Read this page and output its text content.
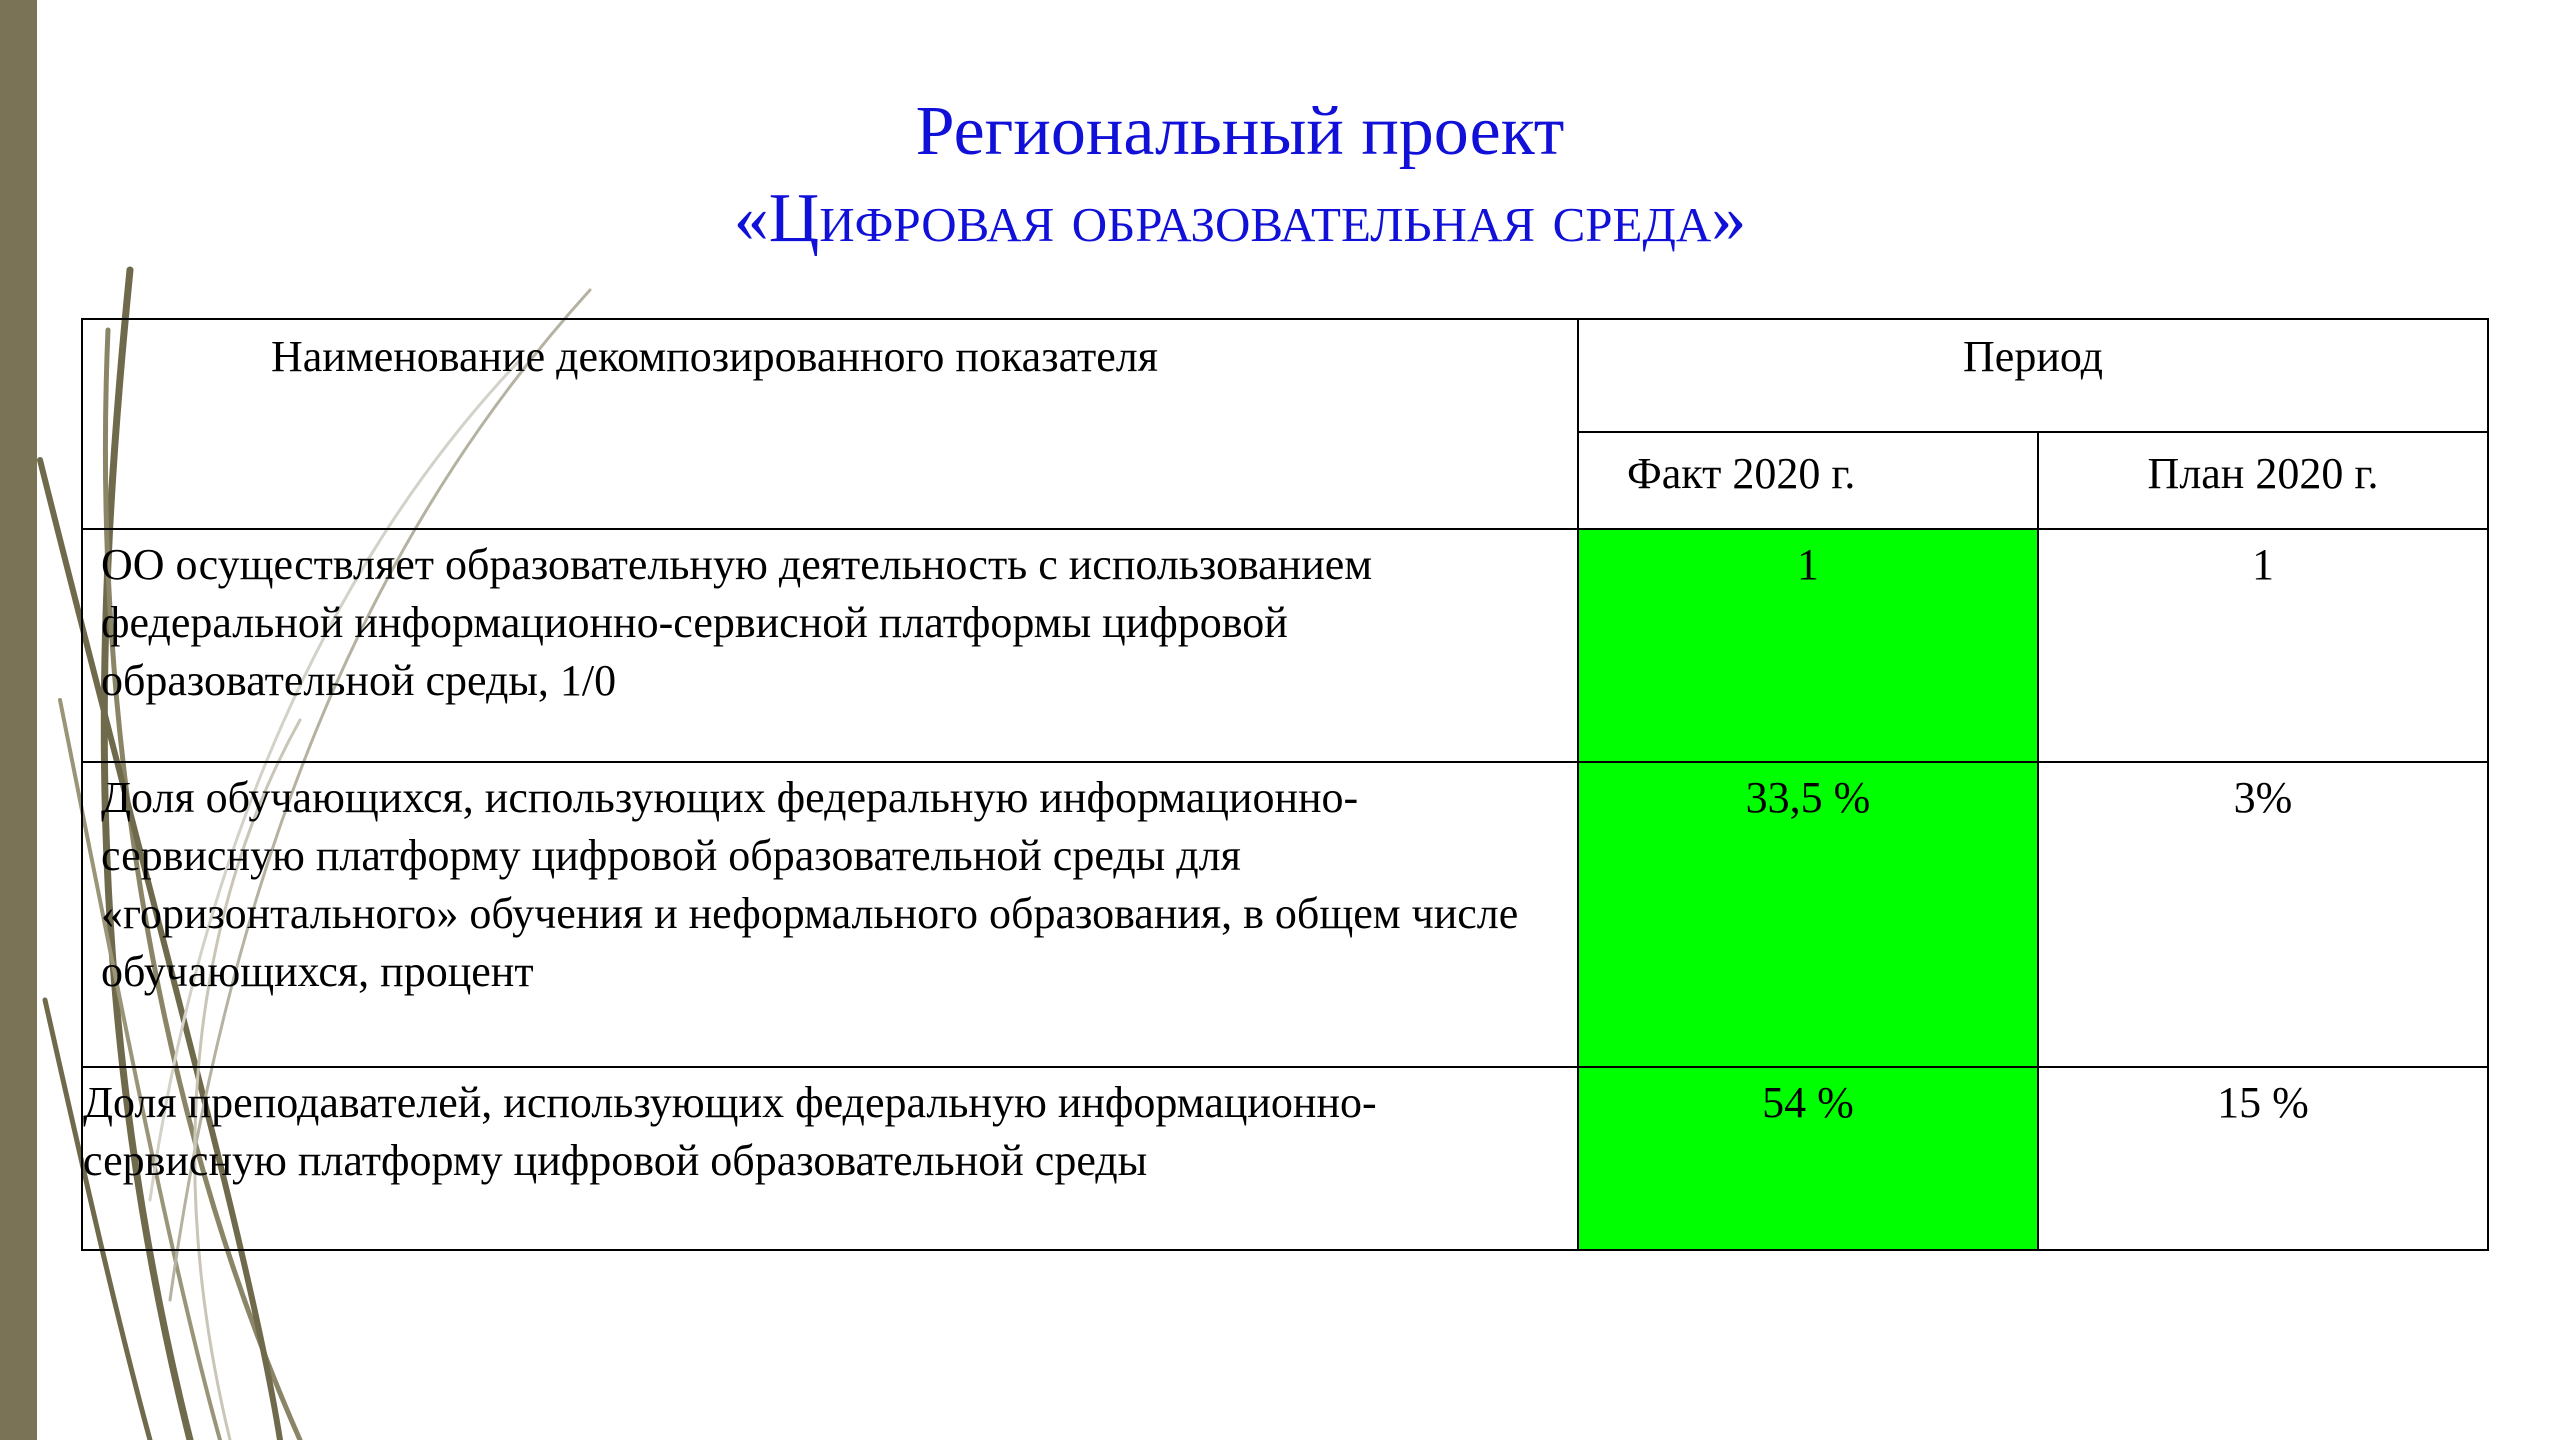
Региональный проект
«Цифровая образовательная среда»
Наименование декомпозированного показателя	Период	
	Факт 2020 г.	План 2020 г.
ОО осуществляет образовательную деятельность с использованием федеральной информационно-сервисной платформы цифровой образовательной среды, 1/0	1	1
Доля обучающихся, использующих федеральную информационно-сервисную платформу цифровой образовательной среды для «горизонтального» обучения и неформального образования, в общем числе обучающихся, процент	33,5 %	3%
Доля преподавателей, использующих федеральную информационно-сервисную платформу цифровой образовательной среды	54 %	15 %
